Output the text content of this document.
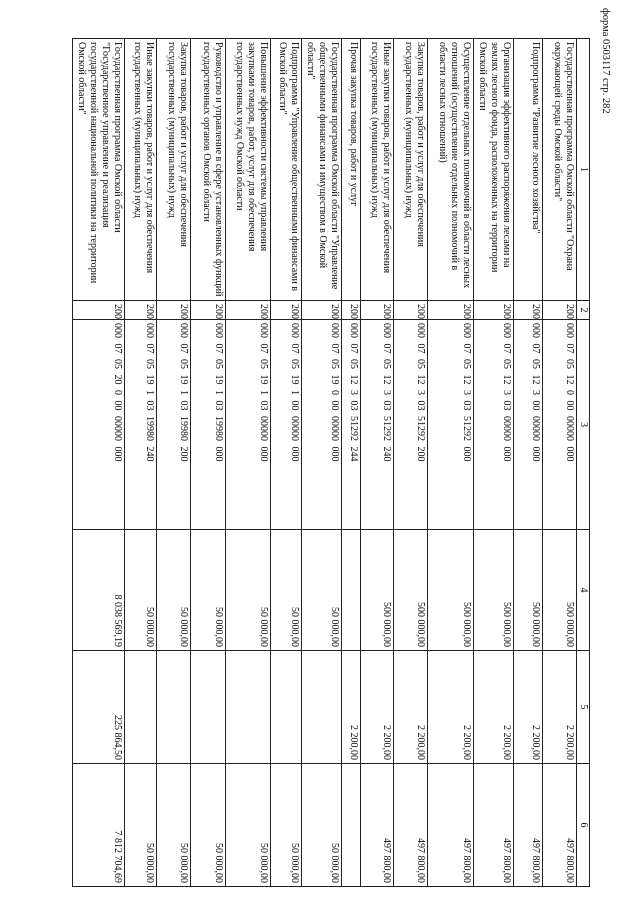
форма 0503117 стр. 282
1	2	3	4	5	6
Государственная программа Омской области "Охрана окружающей среды Омской области"	200	000 07 05 12 0 00 00000 000	500 000,00	2 200,00	497 800,00
Подпрограмма "Развитие лесного хозяйства"	200	000 07 05 12 3 00 00000 000	500 000,00	2 200,00	497 800,00
Организация эффективного распоряжения лесами на землях лесного фонда, расположенных на территории Омской области	200	000 07 05 12 3 03 00000 000	500 000,00	2 200,00	497 800,00
Осуществление отдельных полномочий в области лесных отношений (осуществление отдельных полномочий в области лесных отношений)	200	000 07 05 12 3 03 51292 000	500 000,00	2 200,00	497 800,00
Закупка товаров, работ и услуг для обеспечения государственных (муниципальных) нужд	200	000 07 05 12 3 03 51292 200	500 000,00	2 200,00	497 800,00
Иные закупки товаров, работ и услуг для обеспечения государственных (муниципальных) нужд	200	000 07 05 12 3 03 51292 240	500 000,00	2 200,00	497 800,00
Прочая закупка товаров, работ и услуг	200	000 07 05 12 3 03 51292 244		2 200,00	
Государственная программа Омской области "Управление общественными финансами и имуществом в Омской области"	200	000 07 05 19 0 00 00000 000	50 000,00		50 000,00
Подпрограмма "Управление общественными финансами в Омской области"	200	000 07 05 19 1 00 00000 000	50 000,00		50 000,00
Повышение эффективности системы управления закупками товаров, работ, услуг для обеспечения государственных нужд Омской области	200	000 07 05 19 1 03 00000 000	50 000,00		50 000,00
Руководство и управление в сфере установленных функций государственных органов Омской области	200	000 07 05 19 1 03 19980 000	50 000,00		50 000,00
Закупка товаров, работ и услуг для обеспечения государственных (муниципальных) нужд	200	000 07 05 19 1 03 19980 200	50 000,00		50 000,00
Иные закупки товаров, работ и услуг для обеспечения государственных (муниципальных) нужд	200	000 07 05 19 1 03 19980 240	50 000,00		50 000,00
Государственная программа Омской области "Государственное управление и реализация государственной национальной политики на территории Омской области"	200	000 07 05 20 0 00 00000 000	8 038 569,19	225 864,50	7 812 704,69
